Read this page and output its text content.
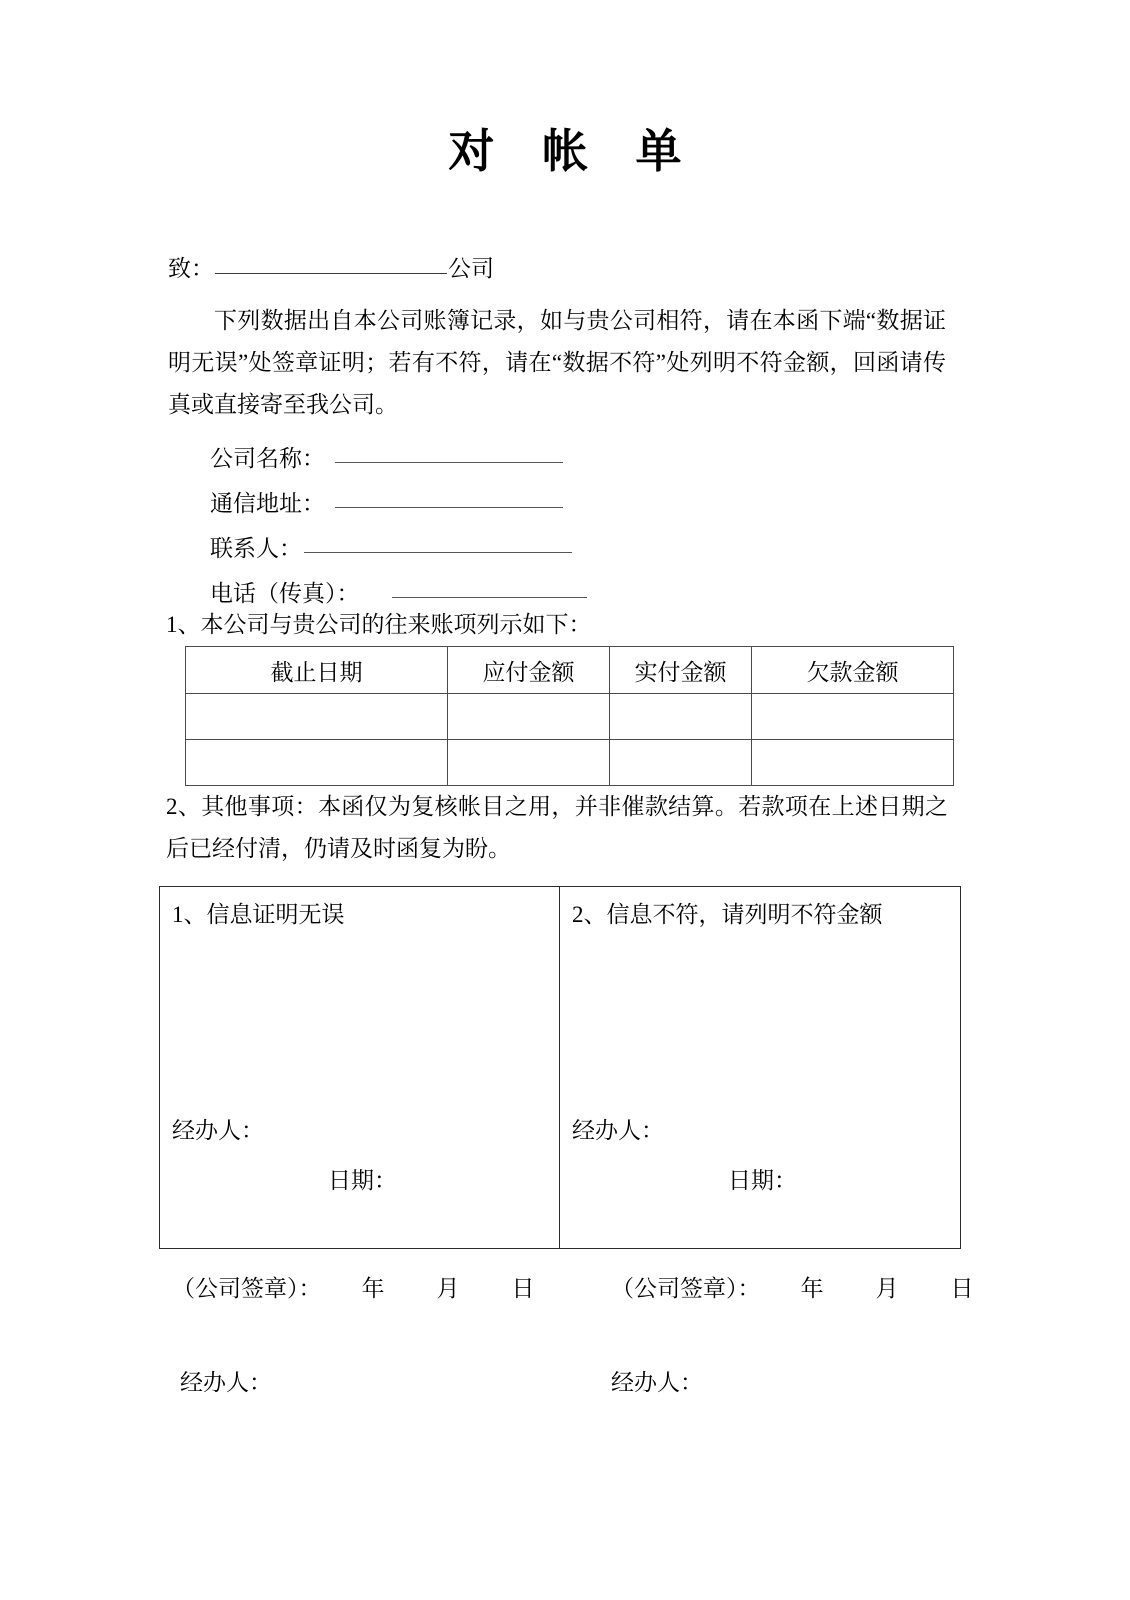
对 帐 单
致：	公司
下列数据出自本公司账簿记录，如与贵公司相符，请在本函下端“数据证明无误”处签章证明；若有不符，请在“数据不符”处列明不符金额，回函请传真或直接寄至我公司。
公司名称：
通信地址：
联系人：
电话（传真）：
1、本公司与贵公司的往来账项列示如下：
截止日期	应付金额	实付金额	欠款金额

2、其他事项：本函仅为复核帐目之用，并非催款结算。若款项在上述日期之后已经付清，仍请及时函复为盼。
1、信息证明无误
经办人：
日期：
2、信息不符，请列明不符金额
经办人：
日期：
（公司签章）： 年 月 日	（公司签章）： 年 月 日
经办人：	经办人：
